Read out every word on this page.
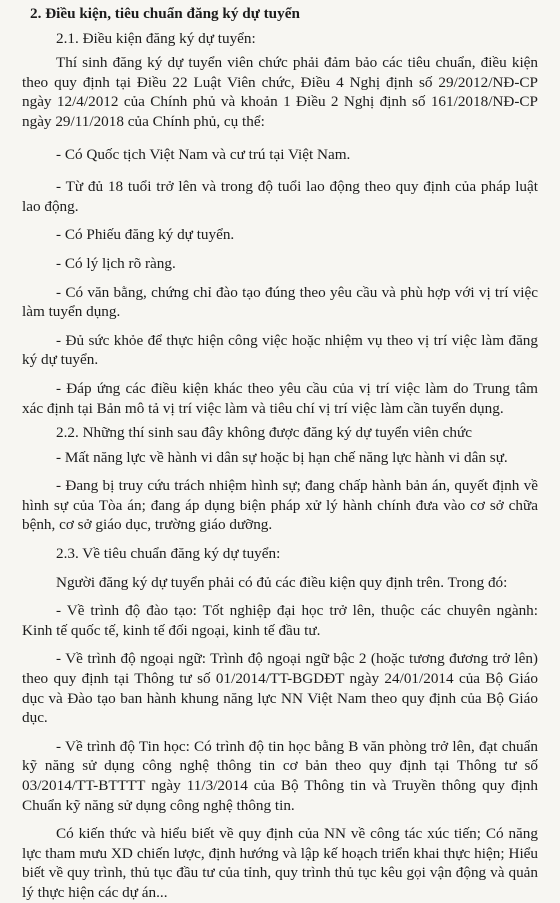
2. Điều kiện, tiêu chuẩn đăng ký dự tuyển

2.1. Điều kiện đăng ký dự tuyển:

Thí sinh đăng ký dự tuyển viên chức phải đảm bảo các tiêu chuẩn, điều kiện theo quy định tại Điều 22 Luật Viên chức, Điều 4 Nghị định số 29/2012/NĐ-CP ngày 12/4/2012 của Chính phủ và khoản 1 Điều 2 Nghị định số 161/2018/NĐ-CP ngày 29/11/2018 của Chính phủ, cụ thể:

- Có Quốc tịch Việt Nam và cư trú tại Việt Nam.

- Từ đủ 18 tuổi trở lên và trong độ tuổi lao động theo quy định của pháp luật lao động.

- Có Phiếu đăng ký dự tuyển.

- Có lý lịch rõ ràng.

- Có văn bằng, chứng chỉ đào tạo đúng theo yêu cầu và phù hợp với vị trí việc làm tuyển dụng.

- Đủ sức khỏe để thực hiện công việc hoặc nhiệm vụ theo vị trí việc làm đăng ký dự tuyển.

- Đáp ứng các điều kiện khác theo yêu cầu của vị trí việc làm do Trung tâm xác định tại Bản mô tả vị trí việc làm và tiêu chí vị trí việc làm cần tuyển dụng.

2.2. Những thí sinh sau đây không được đăng ký dự tuyển viên chức

- Mất năng lực về hành vi dân sự hoặc bị hạn chế năng lực hành vi dân sự.

- Đang bị truy cứu trách nhiệm hình sự; đang chấp hành bản án, quyết định về hình sự của Tòa án; đang áp dụng biện pháp xử lý hành chính đưa vào cơ sở chữa bệnh, cơ sở giáo dục, trường giáo dưỡng.

2.3. Về tiêu chuẩn đăng ký dự tuyển:

Người đăng ký dự tuyển phải có đủ các điều kiện quy định trên. Trong đó:

- Về trình độ đào tạo: Tốt nghiệp đại học trở lên, thuộc các chuyên ngành: Kinh tế quốc tế, kinh tế đối ngoại, kinh tế đầu tư.

- Về trình độ ngoại ngữ: Trình độ ngoại ngữ bậc 2 (hoặc tương đương trở lên) theo quy định tại Thông tư số 01/2014/TT-BGDĐT ngày 24/01/2014 của Bộ Giáo dục và Đào tạo ban hành khung năng lực NN Việt Nam theo quy định của Bộ Giáo dục.

- Về trình độ Tin học: Có trình độ tin học bằng B văn phòng trở lên, đạt chuẩn kỹ năng sử dụng công nghệ thông tin cơ bản theo quy định tại Thông tư số 03/2014/TT-BTTTT ngày 11/3/2014 của Bộ Thông tin và Truyền thông quy định Chuẩn kỹ năng sử dụng công nghệ thông tin.

Có kiến thức và hiểu biết về quy định của NN về công tác xúc tiến; Có năng lực tham mưu XD chiến lược, định hướng và lập kế hoạch triển khai thực hiện; Hiểu biết về quy trình, thủ tục đầu tư của tỉnh, quy trình thủ tục kêu gọi vận động và quản lý thực hiện các dự án...
